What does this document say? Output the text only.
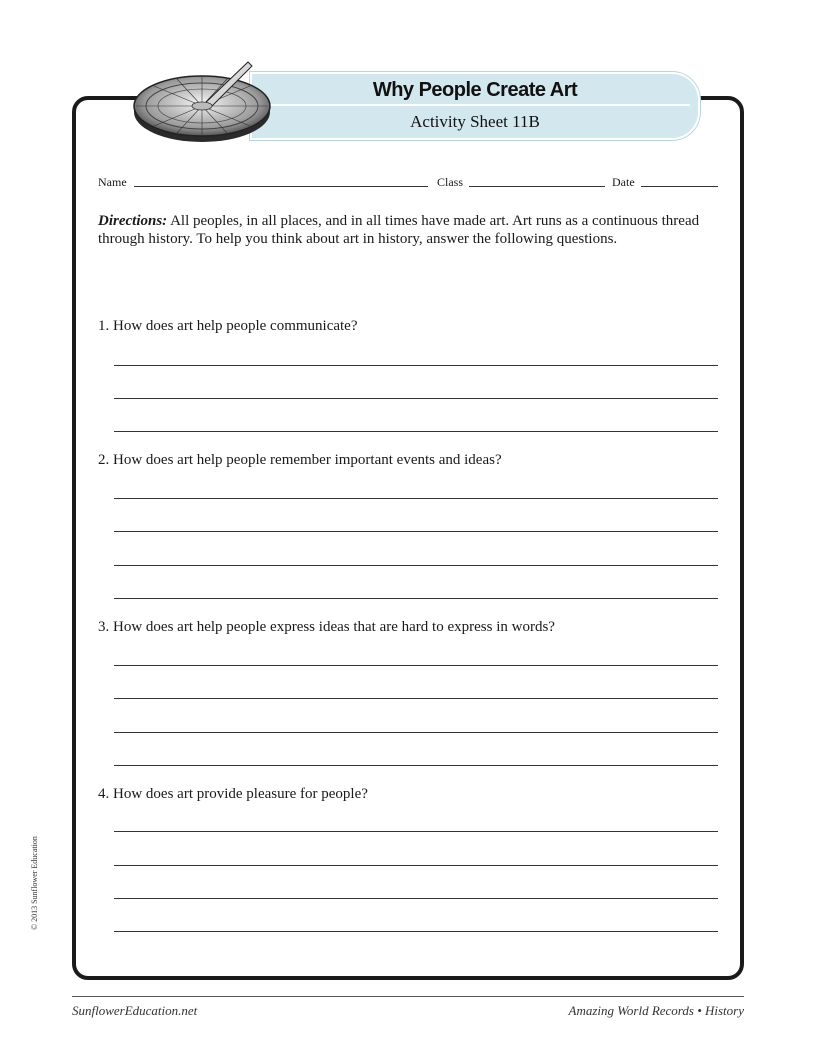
Why People Create Art
Activity Sheet 11B
Name	Class	Date
Directions: All peoples, in all places, and in all times have made art. Art runs as a continuous thread through history. To help you think about art in history, answer the following questions.
1. How does art help people communicate?
2. How does art help people remember important events and ideas?
3. How does art help people express ideas that are hard to express in words?
4. How does art provide pleasure for people?
© 2013 Sunflower Education
SunflowerEducation.net	Amazing World Records • History
